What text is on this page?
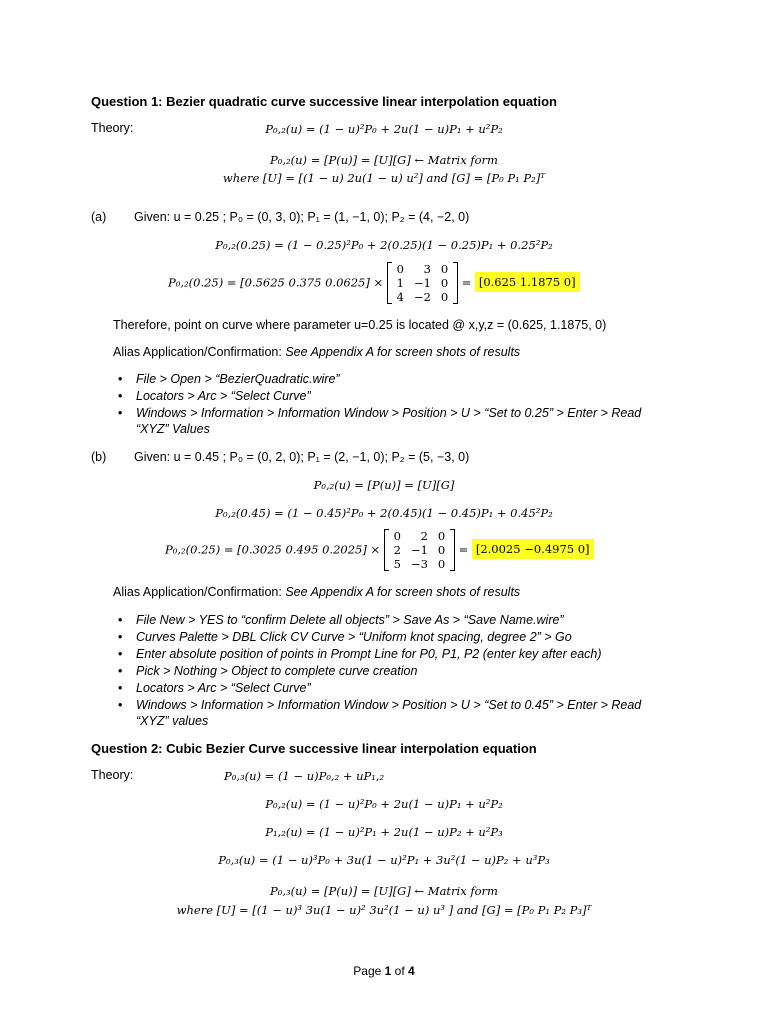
Question 1: Bezier quadratic curve successive linear interpolation equation
Theory:	P₀,₂(u) = (1 − u)²P₀ + 2u(1 − u)P₁ + u²P₂
P₀,₂(u) = [P(u)] = [U][G] ← Matrix form
where [U] = [(1 − u) 2u(1 − u) u²] and [G] = [P₀ P₁ P₂]ᵀ
(a) Given: u = 0.25 ; P₀ = (0, 3, 0); P₁ = (1, −1, 0); P₂ = (4, −2, 0)
P₀,₂(0.25) = (1 − 0.25)²P₀ + 2(0.25)(1 − 0.25)P₁ + 0.25²P₂
P₀,₂(0.25) = [0.5625 0.375 0.0625] ×
0	3	0
1	−1	0
4	−2	0
= [0.625 1.1875 0]
Therefore, point on curve where parameter u=0.25 is located @ x,y,z = (0.625, 1.1875, 0)
Alias Application/Confirmation: See Appendix A for screen shots of results
• File > Open > “BezierQuadratic.wire”
• Locators > Arc > “Select Curve”
• Windows > Information > Information Window > Position > U > “Set to 0.25” > Enter > Read
“XYZ” Values
(b) Given: u = 0.45 ; P₀ = (0, 2, 0); P₁ = (2, −1, 0); P₂ = (5, −3, 0)
P₀,₂(u) = [P(u)] = [U][G]
P₀,₂(0.45) = (1 − 0.45)²P₀ + 2(0.45)(1 − 0.45)P₁ + 0.45²P₂
P₀,₂(0.25) = [0.3025 0.495 0.2025] ×
0	2	0
2	−1	0
5	−3	0
= [2.0025 −0.4975 0]
Alias Application/Confirmation: See Appendix A for screen shots of results
• File New > YES to “confirm Delete all objects” > Save As > “Save Name.wire”
• Curves Palette > DBL Click CV Curve > “Uniform knot spacing, degree 2” > Go
• Enter absolute position of points in Prompt Line for P0, P1, P2 (enter key after each)
• Pick > Nothing > Object to complete curve creation
• Locators > Arc > “Select Curve”
• Windows > Information > Information Window > Position > U > “Set to 0.45” > Enter > Read
“XYZ” values
Question 2: Cubic Bezier Curve successive linear interpolation equation
Theory:	P₀,₃(u) = (1 − u)P₀,₂ + uP₁,₂
P₀,₂(u) = (1 − u)²P₀ + 2u(1 − u)P₁ + u²P₂
P₁,₂(u) = (1 − u)²P₁ + 2u(1 − u)P₂ + u²P₃
P₀,₃(u) = (1 − u)³P₀ + 3u(1 − u)²P₁ + 3u²(1 − u)P₂ + u³P₃
P₀,₃(u) = [P(u)] = [U][G] ← Matrix form
where [U] = [(1 − u)³ 3u(1 − u)² 3u²(1 − u) u³ ] and [G] = [P₀ P₁ P₂ P₃]ᵀ
Page 1 of 4
